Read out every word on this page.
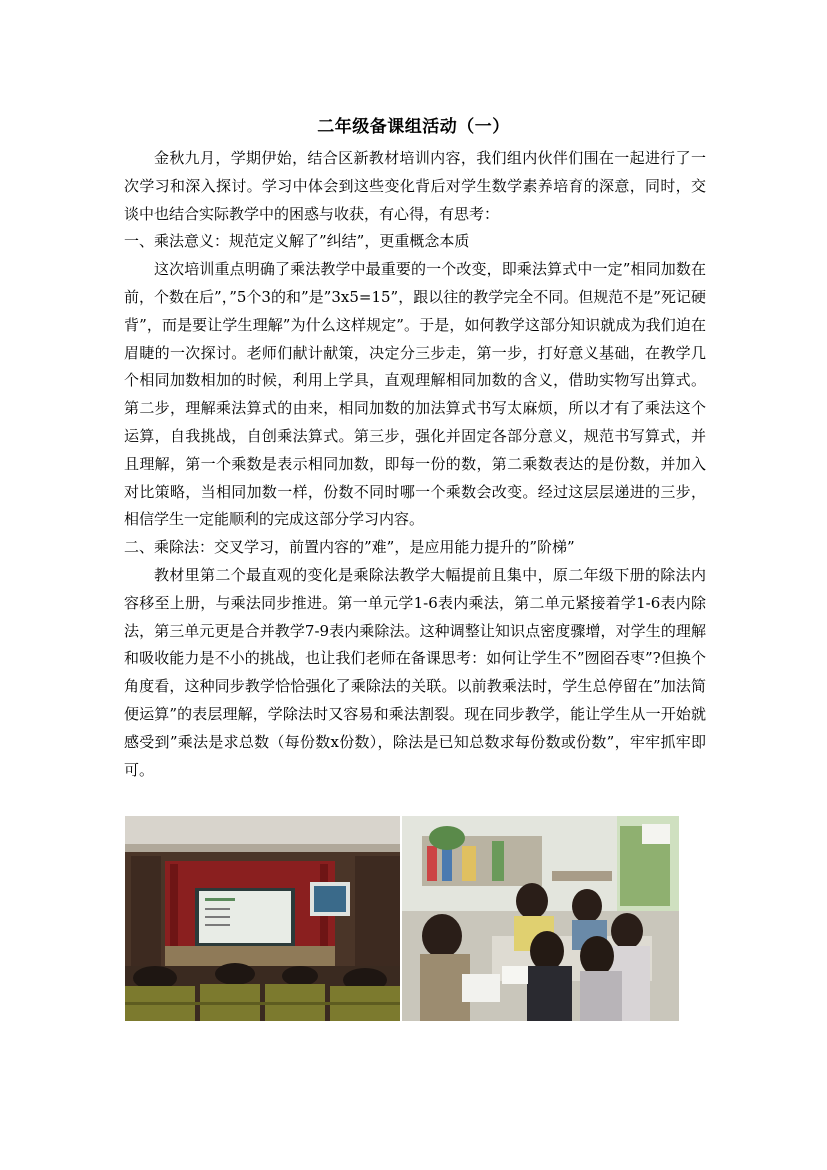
二年级备课组活动（一）

金秋九月，学期伊始，结合区新教材培训内容，我们组内伙伴们围在一起进行了一次学习和深入探讨。学习中体会到这些变化背后对学生数学素养培育的深意，同时，交谈中也结合实际教学中的困惑与收获，有心得，有思考：

一、乘法意义：规范定义解了”纠结”，更重概念本质

这次培训重点明确了乘法教学中最重要的一个改变，即乘法算式中一定”相同加数在前，个数在后”，”5个3的和”是”3x5=15”，跟以往的教学完全不同。但规范不是”死记硬背”，而是要让学生理解”为什么这样规定”。于是，如何教学这部分知识就成为我们迫在眉睫的一次探讨。老师们献计献策，决定分三步走，第一步，打好意义基础，在教学几个相同加数相加的时候，利用上学具，直观理解相同加数的含义，借助实物写出算式。第二步，理解乘法算式的由来，相同加数的加法算式书写太麻烦，所以才有了乘法这个运算，自我挑战，自创乘法算式。第三步，强化并固定各部分意义，规范书写算式，并且理解，第一个乘数是表示相同加数，即每一份的数，第二乘数表达的是份数，并加入对比策略，当相同加数一样，份数不同时哪一个乘数会改变。经过这层层递进的三步，相信学生一定能顺利的完成这部分学习内容。

二、乘除法：交叉学习，前置内容的”难”，是应用能力提升的”阶梯”

教材里第二个最直观的变化是乘除法教学大幅提前且集中，原二年级下册的除法内容移至上册，与乘法同步推进。第一单元学1-6表内乘法，第二单元紧接着学1-6表内除法，第三单元更是合并教学7-9表内乘除法。这种调整让知识点密度骤增，对学生的理解和吸收能力是不小的挑战，也让我们老师在备课思考：如何让学生不”囫囵吞枣”?但换个角度看，这种同步教学恰恰强化了乘除法的关联。以前教乘法时，学生总停留在”加法简便运算”的表层理解，学除法时又容易和乘法割裂。现在同步教学，能让学生从一开始就感受到”乘法是求总数（每份数x份数），除法是已知总数求每份数或份数”，牢牢抓牢即可。
